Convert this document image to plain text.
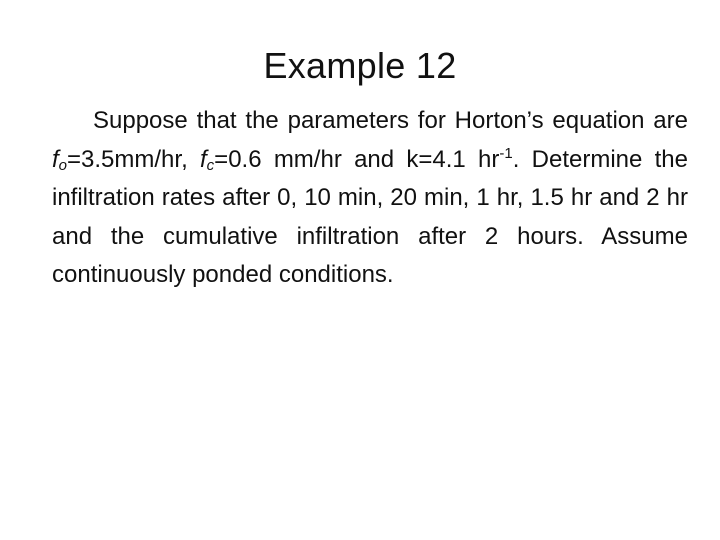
Example 12
Suppose that the parameters for Horton’s equation are $f_o=3.5mm/hr$, $f_c=0.6$ mm/hr and k=4.1 $hr^{-1}$. Determine the infiltration rates after 0, 10 min, 20 min, 1 hr, 1.5 hr and 2 hr and the cumulative infiltration after 2 hours. Assume continuously ponded conditions.
